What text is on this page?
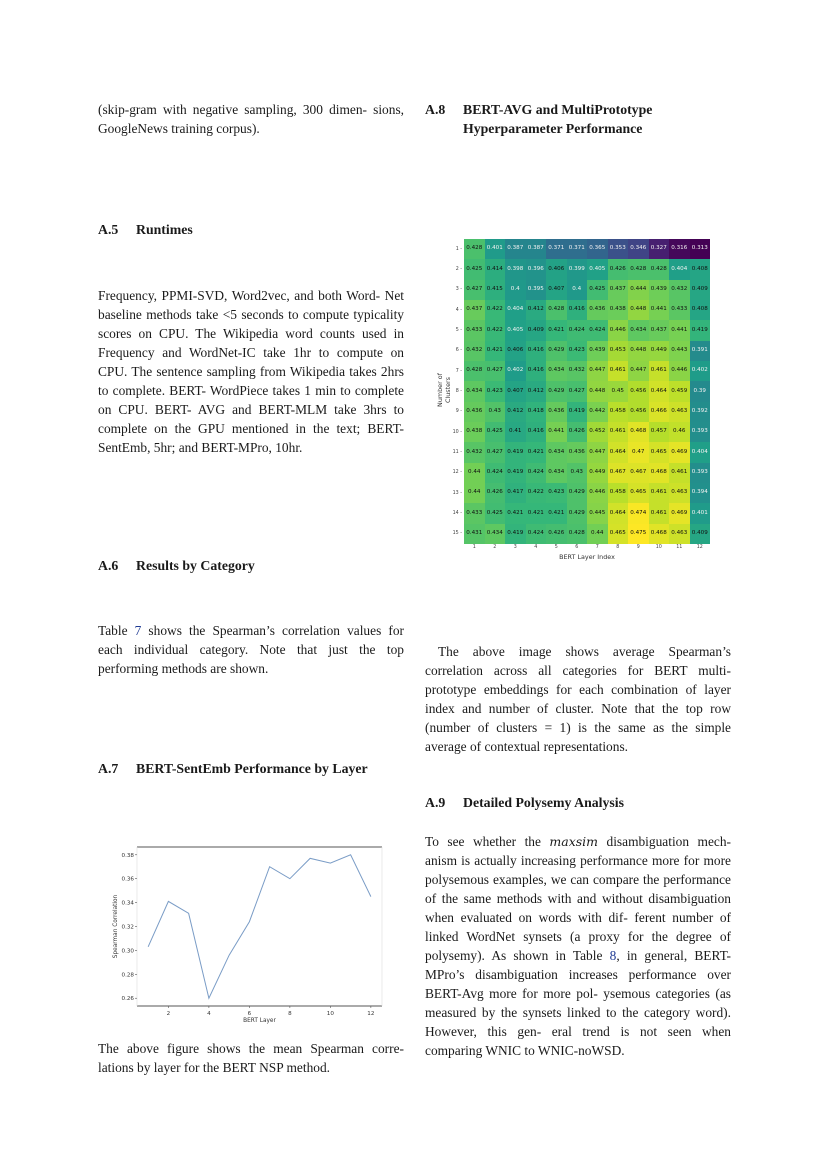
(skip-gram with negative sampling, 300 dimen- sions, GoogleNews training corpus).

A.5 Runtimes

Frequency, PPMI-SVD, Word2vec, and both Word- Net baseline methods take <5 seconds to compute typicality scores on CPU. The Wikipedia word counts used in Frequency and WordNet-IC take 1hr to compute on CPU. The sentence sampling from Wikipedia takes 2hrs to complete. BERT- WordPiece takes 1 min to complete on CPU. BERT- AVG and BERT-MLM take 3hrs to complete on the GPU mentioned in the text; BERT-SentEmb, 5hr; and BERT-MPro, 10hr.

A.6 Results by Category

Table 7 shows the Spearman’s correlation values for each individual category. Note that just the top performing methods are shown.

A.7 BERT-SentEmb Performance by Layer
0.26
0.28
0.30
0.32
0.34
0.36
0.38
2	4	6	8	10	12
BERT Layer
Spearman Correlation

The above figure shows the mean Spearman corre- lations by layer for the BERT NSP method.

A.8 BERT-AVG and MultiPrototype
Hyperparameter Performance
Number of Clusters
1 -
2 -
3 -
4 -
5 -
6 -
7 -
8 -
9 -
10 -
11 -
12 -
13 -
14 -
15 -
0.428 0.401 0.387 0.387 0.371 0.371 0.365 0.353 0.346 0.327 0.316 0.313
0.425 0.414 0.398 0.396 0.406 0.399 0.405 0.426 0.428 0.428 0.404 0.408
0.427 0.415	0.4	0.395 0.407	0.4	0.425 0.437 0.444 0.439 0.432 0.409
0.437 0.422 0.404 0.412 0.428 0.416 0.436 0.438 0.448 0.441 0.433 0.408
0.433 0.422 0.405 0.409 0.421 0.424 0.424 0.446 0.434 0.437 0.441 0.419
0.432 0.421 0.406 0.416 0.429 0.423 0.439 0.453 0.448 0.449 0.443 0.391
0.428 0.427 0.402 0.416 0.434 0.432 0.447 0.461 0.447 0.461 0.446 0.402
0.434 0.423 0.407 0.412 0.429 0.427 0.448	0.45	0.456 0.464 0.459	0.39
0.436	0.43	0.412 0.418 0.436 0.419 0.442 0.458 0.456 0.466 0.463 0.392
0.438 0.425	0.41	0.416 0.441 0.426 0.452 0.461 0.468 0.457	0.46	0.393
0.432 0.427 0.419 0.421 0.434 0.436 0.447 0.464	0.47	0.465 0.469 0.404
0.44	0.424 0.419 0.424 0.434	0.43	0.449 0.467 0.467 0.468 0.461 0.393
0.44	0.426 0.417 0.422 0.423 0.429 0.446 0.458 0.465 0.461 0.463 0.394
0.433 0.425 0.421 0.421 0.421 0.429 0.445 0.464 0.474 0.461 0.469 0.401
0.431 0.434 0.419 0.424 0.426 0.428	0.44	0.465 0.475 0.468 0.463 0.409
1	2	3	4	5	6	7	8	9	10	11	12
BERT Layer Index

The above image shows average Spearman’s correlation across all categories for BERT multi- prototype embeddings for each combination of layer index and number of cluster. Note that the top row (number of clusters = 1) is the same as the simple average of contextual representations.

A.9 Detailed Polysemy Analysis

To see whether the maxsim disambiguation mech- anism is actually increasing performance more for more polysemous examples, we can compare the performance of the same methods with and without disambiguation when evaluated on words with dif- ferent number of linked WordNet synsets (a proxy for the degree of polysemy). As shown in Table 8, in general, BERT-MPro’s disambiguation increases performance over BERT-Avg more for more pol- ysemous categories (as measured by the synsets linked to the category word). However, this gen- eral trend is not seen when comparing WNIC to WNIC-noWSD.
